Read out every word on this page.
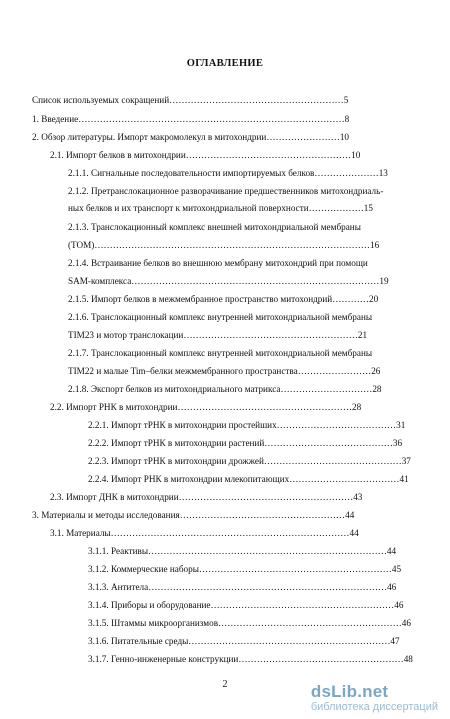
ОГЛАВЛЕНИЕ
Список используемых сокращений…………………………………………………5
1. Введение……………………………………………………………………………8
2. Обзор литературы. Импорт макромолекул в митохондрии……………………10
2.1. Импорт белков в митохондрии………………………………………………10
2.1.1. Сигнальные последовательности импортируемых белков…………………13
2.1.2. Претранслокационное разворачивание предшественников митохондриаль-
ных белков и их транспорт к митохондриальной поверхности………………15
2.1.3. Транслокационный комплекс внешней митохондриальной мембраны
(TOM)………………………………………………………………………………16
2.1.4. Встраивание белков во внешнюю мембрану митохондрий при помощи
SAM-комплекса………………………………………………………………………19
2.1.5. Импорт белков в межмембранное пространство митохондрий…………20
2.1.6. Транслокационный комплекс внутренней митохондриальной мембраны
TIM23 и мотор транслокации…………………………………………………21
2.1.7. Транслокационный комплекс внутренней митохондриальной мембраны
TIM22 и малые Tim–белки межмембранного пространства……………………26
2.1.8. Экспорт белков из митохондриального матрикса…………………………28
2.2. Импорт РНК в митохондрии…………………………………………………28
2.2.1. Импорт тРНК в митохондрии простейших…………………………………31
2.2.2. Импорт тРНК в митохондрии растений……………………………………36
2.2.3. Импорт тРНК в митохондрии дрожжей………………………………………37
2.2.4. Импорт РНК в митохондрии млекопитающих………………………………41
2.3. Импорт ДНК в митохондрии…………………………………………………43
3. Материалы и методы исследования………………………………………………44
3.1. Материалы……………………………………………………………………44
3.1.1. Реактивы……………………………………………………………………44
3.1.2. Коммерческие наборы………………………………………………………45
3.1.3. Антитела……………………………………………………………………46
3.1.4. Приборы и оборудование……………………………………………………46
3.1.5. Штаммы микроорганизмов……………………………………………………46
3.1.6. Питательные среды…………………………………………………………47
3.1.7. Генно-инженерные конструкции………………………………………………48
2	dsLib.net
библиотека диссертаций
